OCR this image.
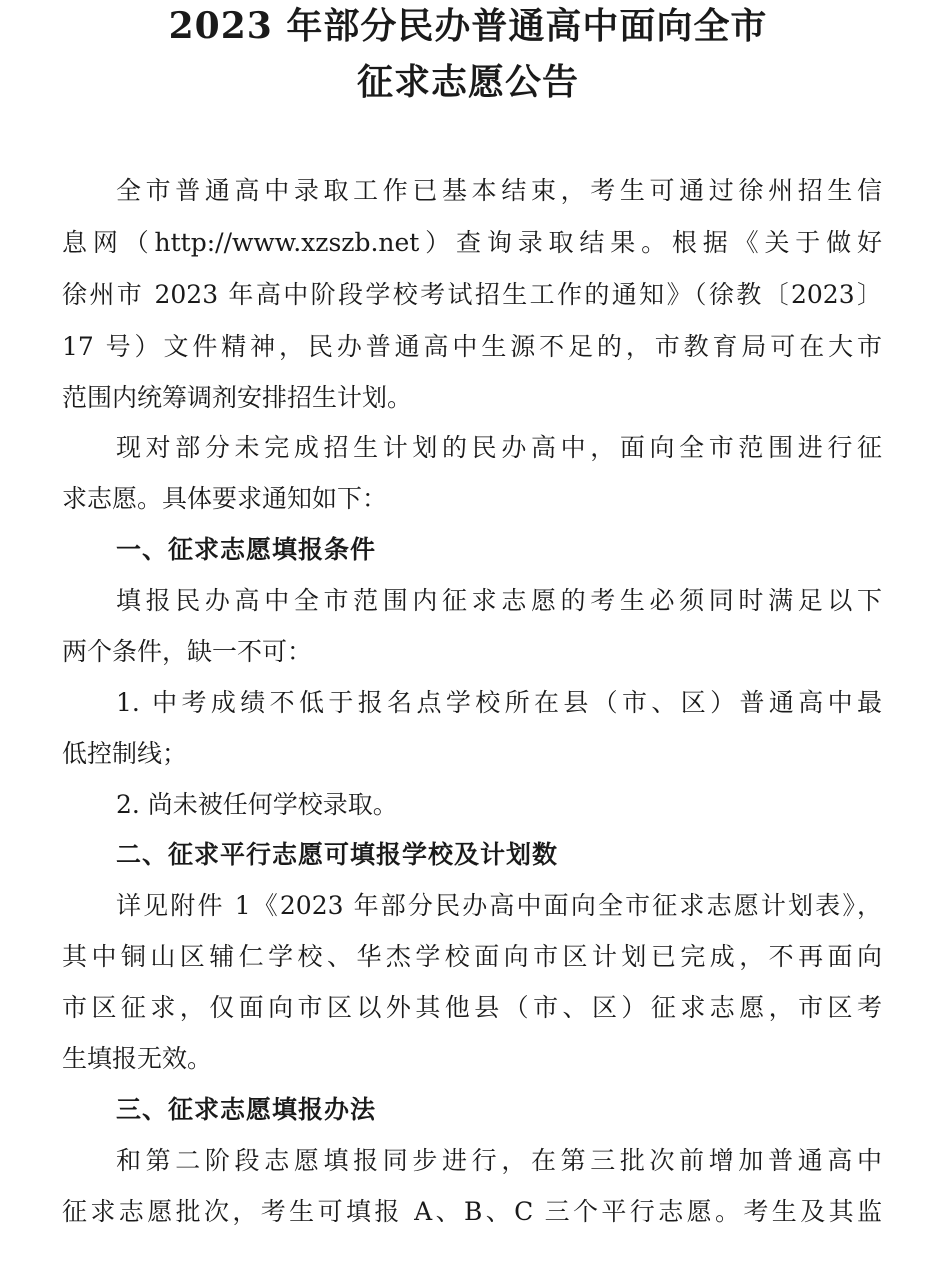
2023 年部分民办普通高中面向全市
征求志愿公告
全市普通高中录取工作已基本结束，考生可通过徐州招生信
息网（http://www.xzszb.net）查询录取结果。根据《关于做好
徐州市 2023 年高中阶段学校考试招生工作的通知》（徐教〔2023〕
17 号）文件精神，民办普通高中生源不足的，市教育局可在大市
范围内统筹调剂安排招生计划。
现对部分未完成招生计划的民办高中，面向全市范围进行征
求志愿。具体要求通知如下：
一、征求志愿填报条件
填报民办高中全市范围内征求志愿的考生必须同时满足以下
两个条件，缺一不可：
1. 中考成绩不低于报名点学校所在县（市、区）普通高中最
低控制线；
2. 尚未被任何学校录取。
二、征求平行志愿可填报学校及计划数
详见附件 1《2023 年部分民办高中面向全市征求志愿计划表》，
其中铜山区辅仁学校、华杰学校面向市区计划已完成，不再面向
市区征求，仅面向市区以外其他县（市、区）征求志愿，市区考
生填报无效。
三、征求志愿填报办法
和第二阶段志愿填报同步进行，在第三批次前增加普通高中
征求志愿批次，考生可填报 A、B、C 三个平行志愿。考生及其监
